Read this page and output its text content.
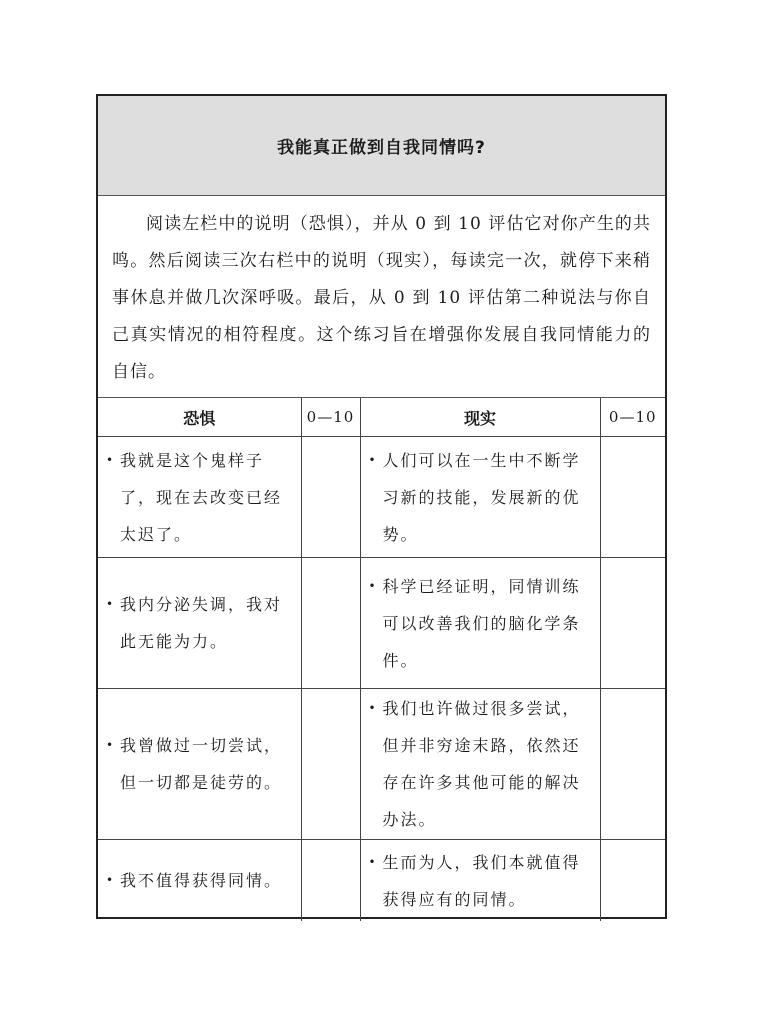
我能真正做到自我同情吗?
阅读左栏中的说明（恐惧），并从 0 到 10 评估它对你产生的共鸣。然后阅读三次右栏中的说明（现实），每读完一次，就停下来稍事休息并做几次深呼吸。最后，从 0 到 10 评估第二种说法与你自己真实情况的相符程度。这个练习旨在增强你发展自我同情能力的自信。
恐惧	0—10	现实	0—10

• 我就是这个鬼样子了，现在去改变已经太迟了。		• 人们可以在一生中不断学习新的技能，发展新的优势。	

• 我内分泌失调，我对此无能为力。		• 科学已经证明，同情训练可以改善我们的脑化学条件。	

• 我曾做过一切尝试，但一切都是徒劳的。		• 我们也许做过很多尝试，但并非穷途末路，依然还存在许多其他可能的解决办法。	

• 我不值得获得同情。		• 生而为人，我们本就值得获得应有的同情。	
